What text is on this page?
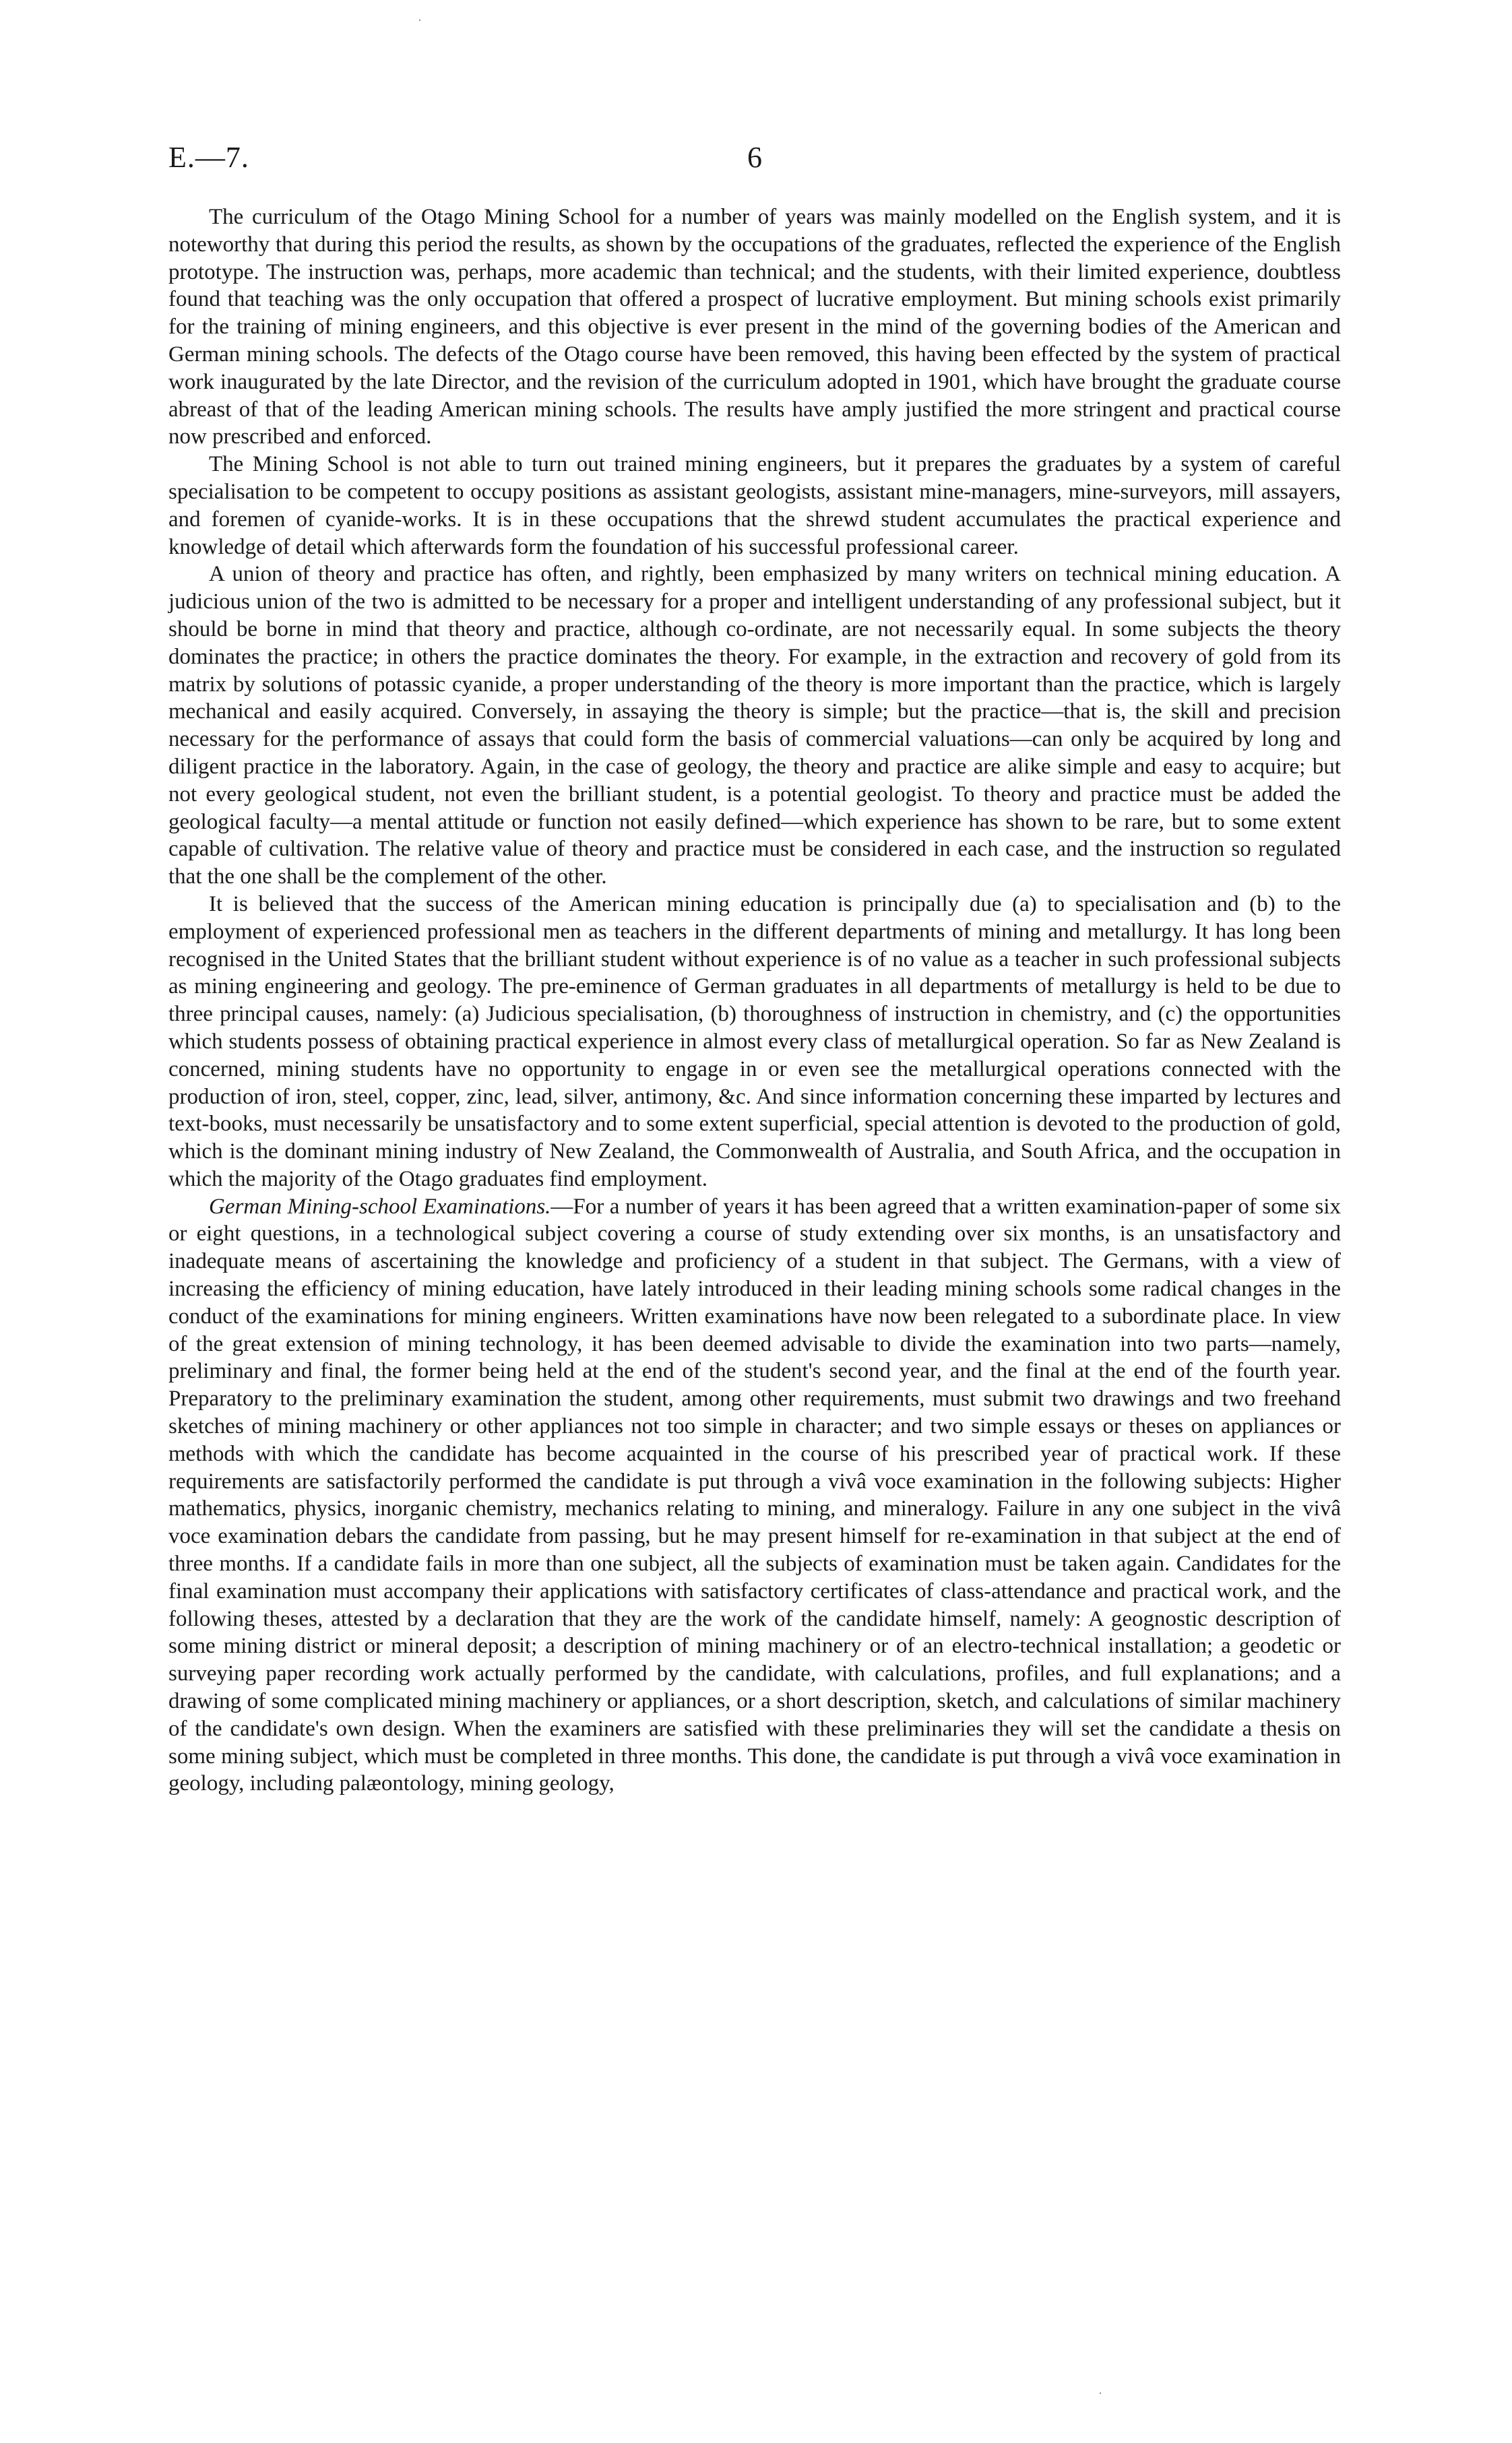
E.—7.	6

The curriculum of the Otago Mining School for a number of years was mainly modelled on the English system, and it is noteworthy that during this period the results, as shown by the occupations of the graduates, reflected the experience of the English prototype. The instruction was, perhaps, more academic than technical; and the students, with their limited experience, doubtless found that teaching was the only occupation that offered a prospect of lucrative employment. But mining schools exist primarily for the training of mining engineers, and this objective is ever present in the mind of the governing bodies of the American and German mining schools. The defects of the Otago course have been removed, this having been effected by the system of practical work inaugurated by the late Director, and the revision of the curriculum adopted in 1901, which have brought the graduate course abreast of that of the leading American mining schools. The results have amply justified the more stringent and practical course now prescribed and enforced.

The Mining School is not able to turn out trained mining engineers, but it prepares the graduates by a system of careful specialisation to be competent to occupy positions as assistant geologists, assistant mine-managers, mine-surveyors, mill assayers, and foremen of cyanide-works. It is in these occupations that the shrewd student accumulates the practical experience and knowledge of detail which afterwards form the foundation of his successful professional career.

A union of theory and practice has often, and rightly, been emphasized by many writers on technical mining education. A judicious union of the two is admitted to be necessary for a proper and intelligent understanding of any professional subject, but it should be borne in mind that theory and practice, although co-ordinate, are not necessarily equal. In some subjects the theory dominates the practice; in others the practice dominates the theory. For example, in the extraction and recovery of gold from its matrix by solutions of potassic cyanide, a proper understanding of the theory is more important than the practice, which is largely mechanical and easily acquired. Conversely, in assaying the theory is simple; but the practice—that is, the skill and precision necessary for the performance of assays that could form the basis of commercial valuations—can only be acquired by long and diligent practice in the laboratory. Again, in the case of geology, the theory and practice are alike simple and easy to acquire; but not every geological student, not even the brilliant student, is a potential geologist. To theory and practice must be added the geological faculty—a mental attitude or function not easily defined—which experience has shown to be rare, but to some extent capable of cultivation. The relative value of theory and practice must be considered in each case, and the instruction so regulated that the one shall be the complement of the other.

It is believed that the success of the American mining education is principally due (a) to specialisation and (b) to the employment of experienced professional men as teachers in the different departments of mining and metallurgy. It has long been recognised in the United States that the brilliant student without experience is of no value as a teacher in such professional subjects as mining engineering and geology. The pre-eminence of German graduates in all departments of metallurgy is held to be due to three principal causes, namely: (a) Judicious specialisation, (b) thoroughness of instruction in chemistry, and (c) the opportunities which students possess of obtaining practical experience in almost every class of metallurgical operation. So far as New Zealand is concerned, mining students have no opportunity to engage in or even see the metallurgical operations connected with the production of iron, steel, copper, zinc, lead, silver, antimony, &c. And since information concerning these imparted by lectures and text-books, must necessarily be unsatisfactory and to some extent superficial, special attention is devoted to the production of gold, which is the dominant mining industry of New Zealand, the Commonwealth of Australia, and South Africa, and the occupation in which the majority of the Otago graduates find employment.

German Mining-school Examinations.—For a number of years it has been agreed that a written examination-paper of some six or eight questions, in a technological subject covering a course of study extending over six months, is an unsatisfactory and inadequate means of ascertaining the knowledge and proficiency of a student in that subject. The Germans, with a view of increasing the efficiency of mining education, have lately introduced in their leading mining schools some radical changes in the conduct of the examinations for mining engineers. Written examinations have now been relegated to a subordinate place. In view of the great extension of mining technology, it has been deemed advisable to divide the examination into two parts—namely, preliminary and final, the former being held at the end of the student's second year, and the final at the end of the fourth year. Preparatory to the preliminary examination the student, among other requirements, must submit two drawings and two freehand sketches of mining machinery or other appliances not too simple in character; and two simple essays or theses on appliances or methods with which the candidate has become acquainted in the course of his prescribed year of practical work. If these requirements are satisfactorily performed the candidate is put through a vivâ voce examination in the following subjects: Higher mathematics, physics, inorganic chemistry, mechanics relating to mining, and mineralogy. Failure in any one subject in the vivâ voce examination debars the candidate from passing, but he may present himself for re-examination in that subject at the end of three months. If a candidate fails in more than one subject, all the subjects of examination must be taken again. Candidates for the final examination must accompany their applications with satisfactory certificates of class-attendance and practical work, and the following theses, attested by a declaration that they are the work of the candidate himself, namely: A geognostic description of some mining district or mineral deposit; a description of mining machinery or of an electro-technical installation; a geodetic or surveying paper recording work actually performed by the candidate, with calculations, profiles, and full explanations; and a drawing of some complicated mining machinery or appliances, or a short description, sketch, and calculations of similar machinery of the candidate's own design. When the examiners are satisfied with these preliminaries they will set the candidate a thesis on some mining subject, which must be completed in three months. This done, the candidate is put through a vivâ voce examination in geology, including palæontology, mining geology,

·
·
